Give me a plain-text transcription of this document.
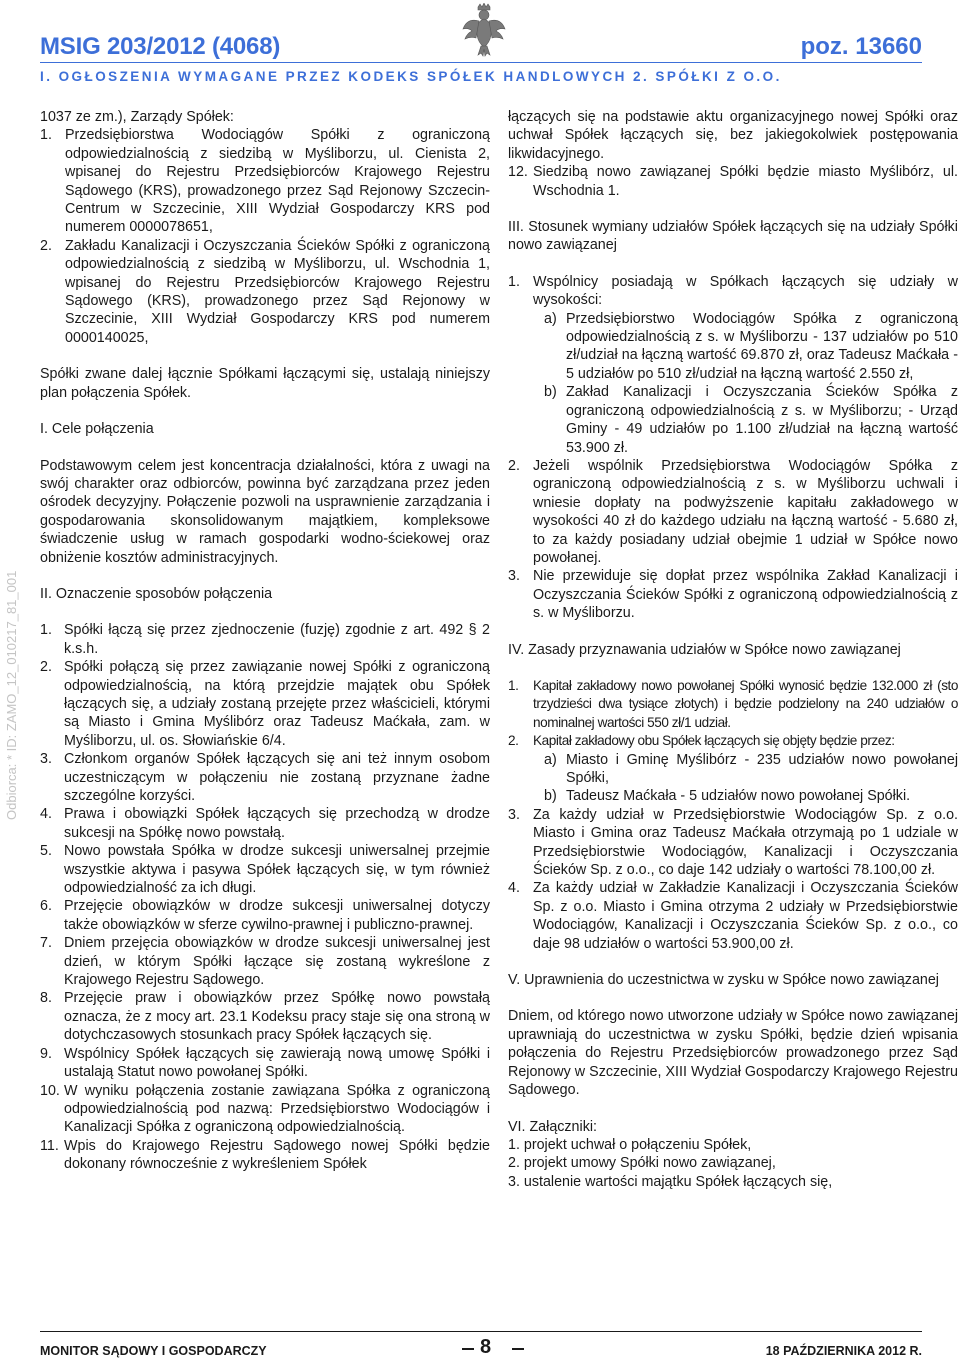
MSIG 203/2012 (4068)	poz. 13660
I. OGŁOSZENIA WYMAGANE PRZEZ KODEKS SPÓŁEK HANDLOWYCH 2. SPÓŁKI Z O.O.
Odbiorca: * ID: ZAMO_12_010217_81_001

1037 ze zm.), Zarządy Spółek:

1. Przedsiębiorstwa Wodociągów Spółki z ograniczoną odpowiedzialnością z siedzibą w Myśliborzu, ul. Cienista 2, wpisanej do Rejestru Przedsiębiorców Krajowego Rejestru Sądowego (KRS), prowadzonego przez Sąd Rejonowy Szczecin-Centrum w Szczecinie, XIII Wydział Gospodarczy KRS pod numerem 0000078651,
2. Zakładu Kanalizacji i Oczyszczania Ścieków Spółki z ograniczoną odpowiedzialnością z siedzibą w Myśliborzu, ul. Wschodnia 1, wpisanej do Rejestru Przedsiębiorców Krajowego Rejestru Sądowego (KRS), prowadzonego przez Sąd Rejonowy w Szczecinie, XIII Wydział Gospodarczy KRS pod numerem 0000140025,

Spółki zwane dalej łącznie Spółkami łączącymi się, ustalają niniejszy plan połączenia Spółek.

I. Cele połączenia

Podstawowym celem jest koncentracja działalności, która z uwagi na swój charakter oraz odbiorców, powinna być zarządzana przez jeden ośrodek decyzyjny. Połączenie pozwoli na usprawnienie zarządzania i gospodarowania skonsolidowanym majątkiem, kompleksowe świadczenie usług w ramach gospodarki wodno-ściekowej oraz obniżenie kosztów administracyjnych.

II. Oznaczenie sposobów połączenia

1. Spółki łączą się przez zjednoczenie (fuzję) zgodnie z art. 492 § 2 k.s.h.
2. Spółki połączą się przez zawiązanie nowej Spółki z ograniczoną odpowiedzialnością, na którą przejdzie majątek obu Spółek łączących się, a udziały zostaną przejęte przez właścicieli, którymi są Miasto i Gmina Myślibórz oraz Tadeusz Maćkała, zam. w Myśliborzu, ul. os. Słowiańskie 6/4.
3. Członkom organów Spółek łączących się ani też innym osobom uczestniczącym w połączeniu nie zostaną przyznane żadne szczególne korzyści.
4. Prawa i obowiązki Spółek łączących się przechodzą w drodze sukcesji na Spółkę nowo powstałą.
5. Nowo powstała Spółka w drodze sukcesji uniwersalnej przejmie wszystkie aktywa i pasywa Spółek łączących się, w tym również odpowiedzialność za ich długi.
6. Przejęcie obowiązków w drodze sukcesji uniwersalnej dotyczy także obowiązków w sferze cywilno-prawnej i publiczno-prawnej.
7. Dniem przejęcia obowiązków w drodze sukcesji uniwersalnej jest dzień, w którym Spółki łączące się zostaną wykreślone z Krajowego Rejestru Sądowego.
8. Przejęcie praw i obowiązków przez Spółkę nowo powstałą oznacza, że z mocy art. 23.1 Kodeksu pracy staje się ona stroną w dotychczasowych stosunkach pracy Spółek łączących się.
9. Wspólnicy Spółek łączących się zawierają nową umowę Spółki i ustalają Statut nowo powołanej Spółki.
10. W wyniku połączenia zostanie zawiązana Spółka z ograniczoną odpowiedzialnością pod nazwą: Przedsiębiorstwo Wodociągów i Kanalizacji Spółka z ograniczoną odpowiedzialnością.
11. Wpis do Krajowego Rejestru Sądowego nowej Spółki będzie dokonany równocześnie z wykreśleniem Spółek

łączących się na podstawie aktu organizacyjnego nowej Spółki oraz uchwał Spółek łączących się, bez jakiegokolwiek postępowania likwidacyjnego.

12. Siedzibą nowo zawiązanej Spółki będzie miasto Myślibórz, ul. Wschodnia 1.

III. Stosunek wymiany udziałów Spółek łączących się na udziały Spółki nowo zawiązanej

1. Wspólnicy posiadają w Spółkach łączących się udziały w wysokości:
a) Przedsiębiorstwo Wodociągów Spółka z ograniczoną odpowiedzialnością z s. w Myśliborzu - 137 udziałów po 510 zł/udział na łączną wartość 69.870 zł, oraz Tadeusz Maćkała - 5 udziałów po 510 zł/udział na łączną wartość 2.550 zł,
b) Zakład Kanalizacji i Oczyszczania Ścieków Spółka z ograniczoną odpowiedzialnością z s. w Myśliborzu; - Urząd Gminy - 49 udziałów po 1.100 zł/udział na łączną wartość 53.900 zł.
2. Jeżeli wspólnik Przedsiębiorstwa Wodociągów Spółka z ograniczoną odpowiedzialnością z s. w Myśliborzu uchwali i wniesie dopłaty na podwyższenie kapitału zakładowego w wysokości 40 zł do każdego udziału na łączną wartość - 5.680 zł, to za każdy posiadany udział obejmie 1 udział w Spółce nowo powołanej.
3. Nie przewiduje się dopłat przez wspólnika Zakład Kanalizacji i Oczyszczania Ścieków Spółki z ograniczoną odpowiedzialnością z s. w Myśliborzu.

IV. Zasady przyznawania udziałów w Spółce nowo zawiązanej

1.	Kapitał zakładowy nowo powołanej Spółki wynosić będzie 132.000 zł (sto trzydzieści dwa tysiące złotych) i będzie podzielony na 240 udziałów o nominalnej wartości 550 zł/1 udział.
2.	Kapitał zakładowy obu Spółek łączących się objęty będzie przez:
a) Miasto i Gminę Myślibórz - 235 udziałów nowo powołanej Spółki,
b) Tadeusz Maćkała - 5 udziałów nowo powołanej Spółki.
3. Za każdy udział w Przedsiębiorstwie Wodociągów Sp. z o.o. Miasto i Gmina oraz Tadeusz Maćkała otrzymają po 1 udziale w Przedsiębiorstwie Wodociągów, Kanalizacji i Oczyszczania Ścieków Sp. z o.o., co daje 142 udziały o wartości 78.100,00 zł.
4. Za każdy udział w Zakładzie Kanalizacji i Oczyszczania Ścieków Sp. z o.o. Miasto i Gmina otrzyma 2 udziały w Przedsiębiorstwie Wodociągów, Kanalizacji i Oczyszczania Ścieków Sp. z o.o., co daje 98 udziałów o wartości 53.900,00 zł.

V. Uprawnienia do uczestnictwa w zysku w Spółce nowo zawiązanej

Dniem, od którego nowo utworzone udziały w Spółce nowo zawiązanej uprawniają do uczestnictwa w zysku Spółki, będzie dzień wpisania połączenia do Rejestru Przedsiębiorców prowadzonego przez Sąd Rejonowy w Szczecinie, XIII Wydział Gospodarczy Krajowego Rejestru Sądowego.

VI. Załączniki:

1. projekt uchwał o połączeniu Spółek,

2. projekt umowy Spółki nowo zawiązanej,

3. ustalenie wartości majątku Spółek łączących się,

MONITOR SĄDOWY I GOSPODARCZY	8	18 PAŹDZIERNIKA 2012 R.
